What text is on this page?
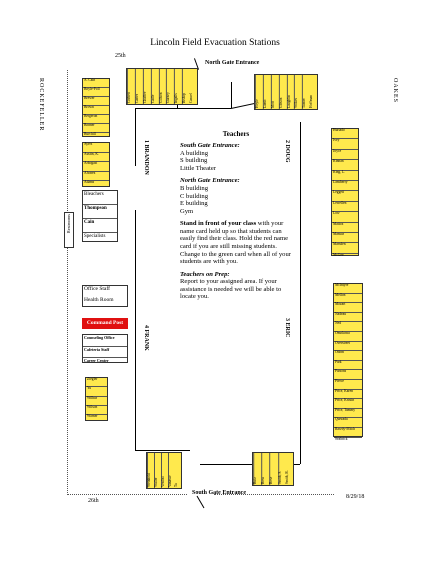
Lincoln Field Evacuation Stations
25th
26th
ROCKEFELLER	OAKES
North Gate Entrance
South Gate Entrance
8/29/18
1 BRANDON	2 DOUG
3 ERIC
4 FRANK
Corbett	Carter	Chaffee	Cadle	Gillson	Gurney	Ingalls	Bishop Cancel
Hoyle	Lamb	Mott	Gibson	Laughlin	Wilkes	Turner Hoffman
A. Cain
Boyle-Poll
Brewer
Brown
Bergeron
Bonner
Burchill
Ayers
Austin, K.
Arbogast
Alvarez
Adams
Bleachers
Thompson
Cain
Specialists
Restrooms
Office Staff
Health Room
Command Post
Counseling Office
Cafeteria Staff
Career Center
Ziegler
Yu
Wilbur
Wilson
Warner
Hurtado
Ivey
Joyce
Kinnan
King, L.
Lansberry
Leggett
Lewellen
Low
Mattox
Mansur
Marsden
McGee
McIntyre
Mellon
Mozart
Nadeau
Ned
Omokawa
Overstreet
Odom
Park
Parsons
Pierce
Price, Karen
Price, Kristin
Price, Tammy
Quezada
Rawdy-Mitch
Seabrick
Weinhold Waller Verdini Vanasse Tu
Ruiz	Ross	Rose	Smith, S. Smith, R.

Teachers

South Gate Entrance:

A building

S building

Little Theater

North Gate Entrance:

B building

C building

E building

Gym

Stand in front of your class with your name card held up so that students can easily find their class. Hold the red name card if you are still missing students. Change to the green card when all of your students are with you.

Teachers on Prep:

Report to your assigned area. If your assistance is needed we will be able to locate you.
